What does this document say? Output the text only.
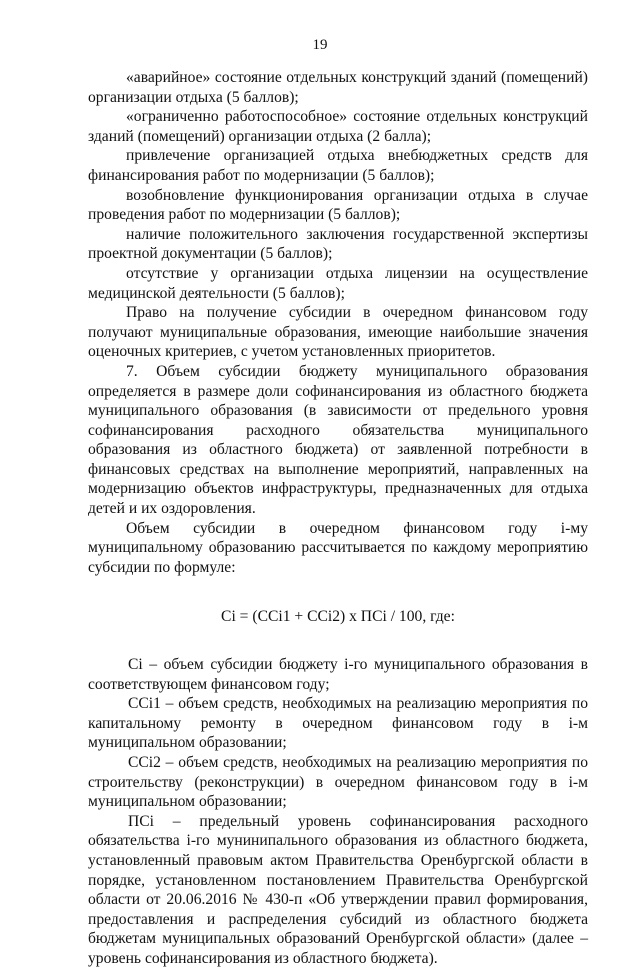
19

«аварийное» состояние отдельных конструкций зданий (помещений) организации отдыха (5 баллов);

«ограниченно работоспособное» состояние отдельных конструкций зданий (помещений) организации отдыха (2 балла);

привлечение организацией отдыха внебюджетных средств для финансирования работ по модернизации (5 баллов);

возобновление функционирования организации отдыха в случае проведения работ по модернизации (5 баллов);

наличие положительного заключения государственной экспертизы проектной документации (5 баллов);

отсутствие у организации отдыха лицензии на осуществление медицинской деятельности (5 баллов);

Право на получение субсидии в очередном финансовом году получают муниципальные образования, имеющие наибольшие значения оценочных критериев, с учетом установленных приоритетов.

7. Объем субсидии бюджету муниципального образования определяется в размере доли софинансирования из областного бюджета муниципального образования (в зависимости от предельного уровня софинансирования расходного обязательства муниципального образования из областного бюджета) от заявленной потребности в финансовых средствах на выполнение мероприятий, направленных на модернизацию объектов инфраструктуры, предназначенных для отдыха детей и их оздоровления.

Объем субсидии в очередном финансовом году i-му муниципальному образованию рассчитывается по каждому мероприятию субсидии по формуле:

Сi = (ССi1 + ССi2) х ПСi / 100, где:

Сi – объем субсидии бюджету i-го муниципального образования в соответствующем финансовом году;

ССi1 – объем средств, необходимых на реализацию мероприятия по капитальному ремонту в очередном финансовом году в i-м муниципальном образовании;

ССi2 – объем средств, необходимых на реализацию мероприятия по строительству (реконструкции) в очередном финансовом году в i-м муниципальном образовании;

ПСi – предельный уровень софинансирования расходного обязательства i-го мунинипального образования из областного бюджета, установленный правовым актом Правительства Оренбургской области в порядке, установленном постановлением Правительства Оренбургской области от 20.06.2016 № 430-п «Об утверждении правил формирования, предоставления и распределения субсидий из областного бюджета бюджетам муниципальных образований Оренбургской области» (далее – уровень софинансирования из областного бюджета).
